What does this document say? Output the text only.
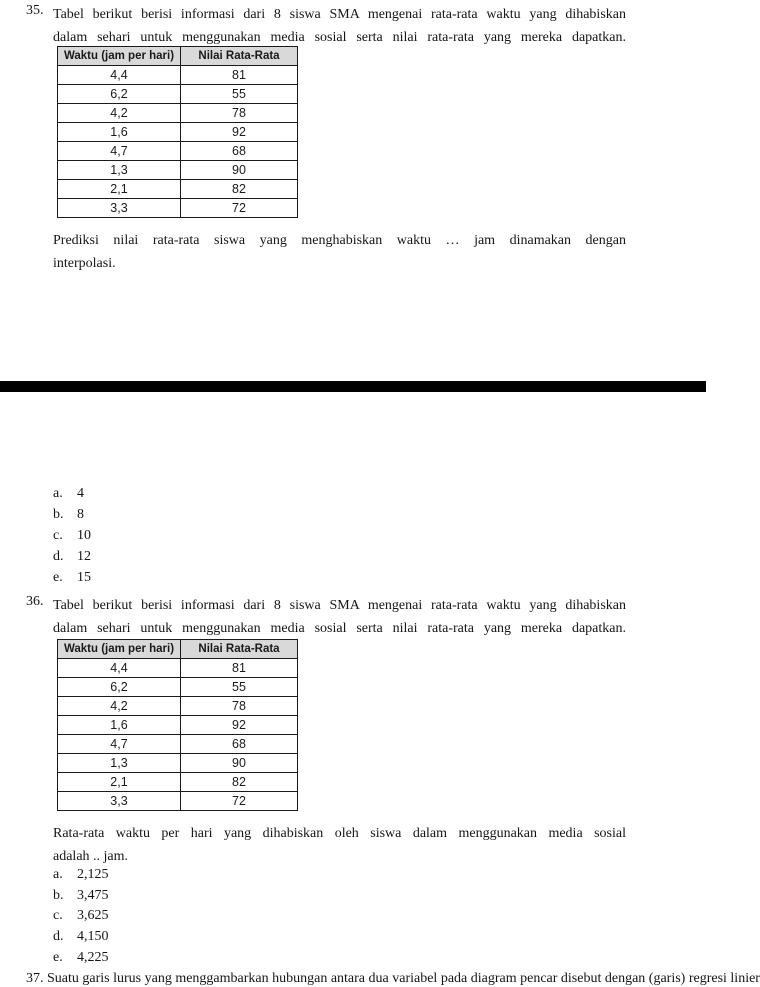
35. Tabel berikut berisi informasi dari 8 siswa SMA mengenai rata-rata waktu yang dihabiskan
dalam sehari untuk menggunakan media sosial serta nilai rata-rata yang mereka dapatkan.
Waktu (jam per hari)	Nilai Rata-Rata
4,4	81
6,2	55
4,2	78
1,6	92
4,7	68
1,3	90
2,1	82
3,3	72
Prediksi nilai rata-rata siswa yang menghabiskan waktu … jam dinamakan dengan
interpolasi.
a.	4
b. 8
c.	10
d. 12
e.	15
36. Tabel berikut berisi informasi dari 8 siswa SMA mengenai rata-rata waktu yang dihabiskan
dalam sehari untuk menggunakan media sosial serta nilai rata-rata yang mereka dapatkan.
Waktu (jam per hari)	Nilai Rata-Rata
4,4	81
6,2	55
4,2	78
1,6	92
4,7	68
1,3	90
2,1	82
3,3	72
Rata-rata waktu per hari yang dihabiskan oleh siswa dalam menggunakan media sosial
adalah .. jam.
a.	2,125
b. 3,475
c.	3,625
d. 4,150
e.	4,225
37. Suatu garis lurus yang menggambarkan hubungan antara dua variabel pada diagram pencar disebut dengan (garis) regresi linier
